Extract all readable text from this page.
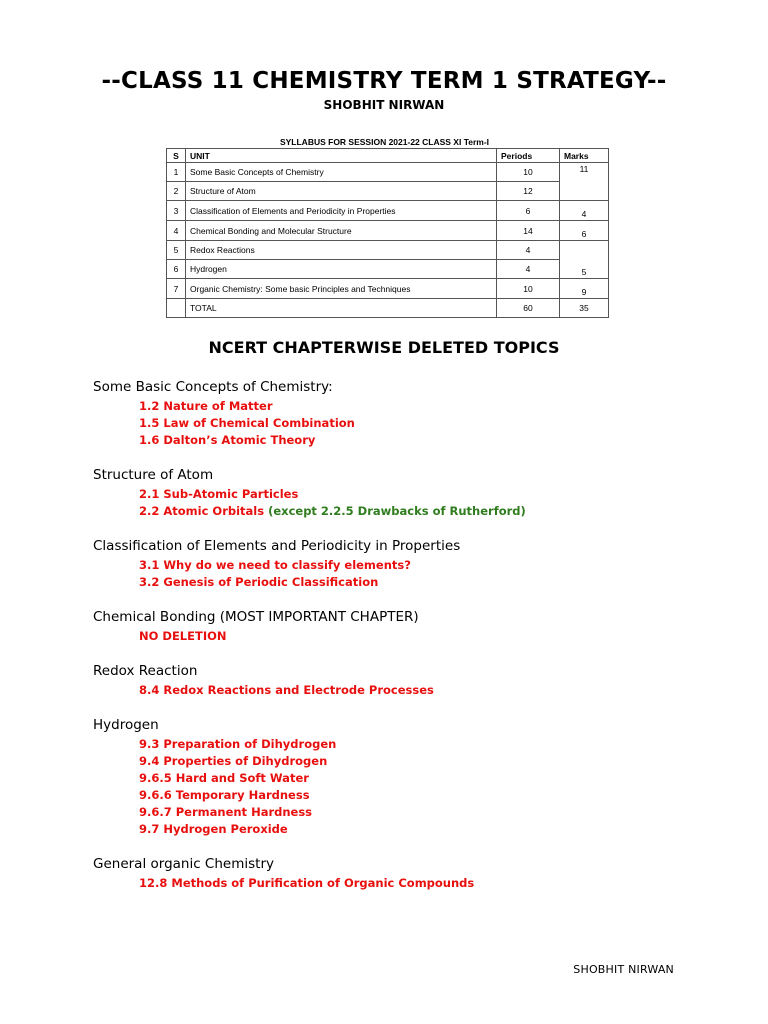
--CLASS 11 CHEMISTRY TERM 1 STRATEGY--
SHOBHIT NIRWAN
SYLLABUS FOR SESSION 2021-22 CLASS XI Term-I
S	UNIT	Periods	Marks
1	Some Basic Concepts of Chemistry	10	11
2	Structure of Atom	12	
3	Classification of Elements and Periodicity in Properties	6	4
4	Chemical Bonding and Molecular Structure	14	6
5	Redox Reactions	4	5
6	Hydrogen	4	
7	Organic Chemistry: Some basic Principles and Techniques	10	9
	TOTAL	60	35
NCERT CHAPTERWISE DELETED TOPICS
Some Basic Concepts of Chemistry:
1.2 Nature of Matter
1.5 Law of Chemical Combination
1.6 Dalton’s Atomic Theory
Structure of Atom
2.1 Sub-Atomic Particles
2.2 Atomic Orbitals (except 2.2.5 Drawbacks of Rutherford)
Classification of Elements and Periodicity in Properties
3.1 Why do we need to classify elements?
3.2 Genesis of Periodic Classification
Chemical Bonding (MOST IMPORTANT CHAPTER)
NO DELETION
Redox Reaction
8.4 Redox Reactions and Electrode Processes
Hydrogen
9.3 Preparation of Dihydrogen
9.4 Properties of Dihydrogen
9.6.5 Hard and Soft Water
9.6.6 Temporary Hardness
9.6.7 Permanent Hardness
9.7 Hydrogen Peroxide
General organic Chemistry
12.8 Methods of Purification of Organic Compounds
SHOBHIT NIRWAN
